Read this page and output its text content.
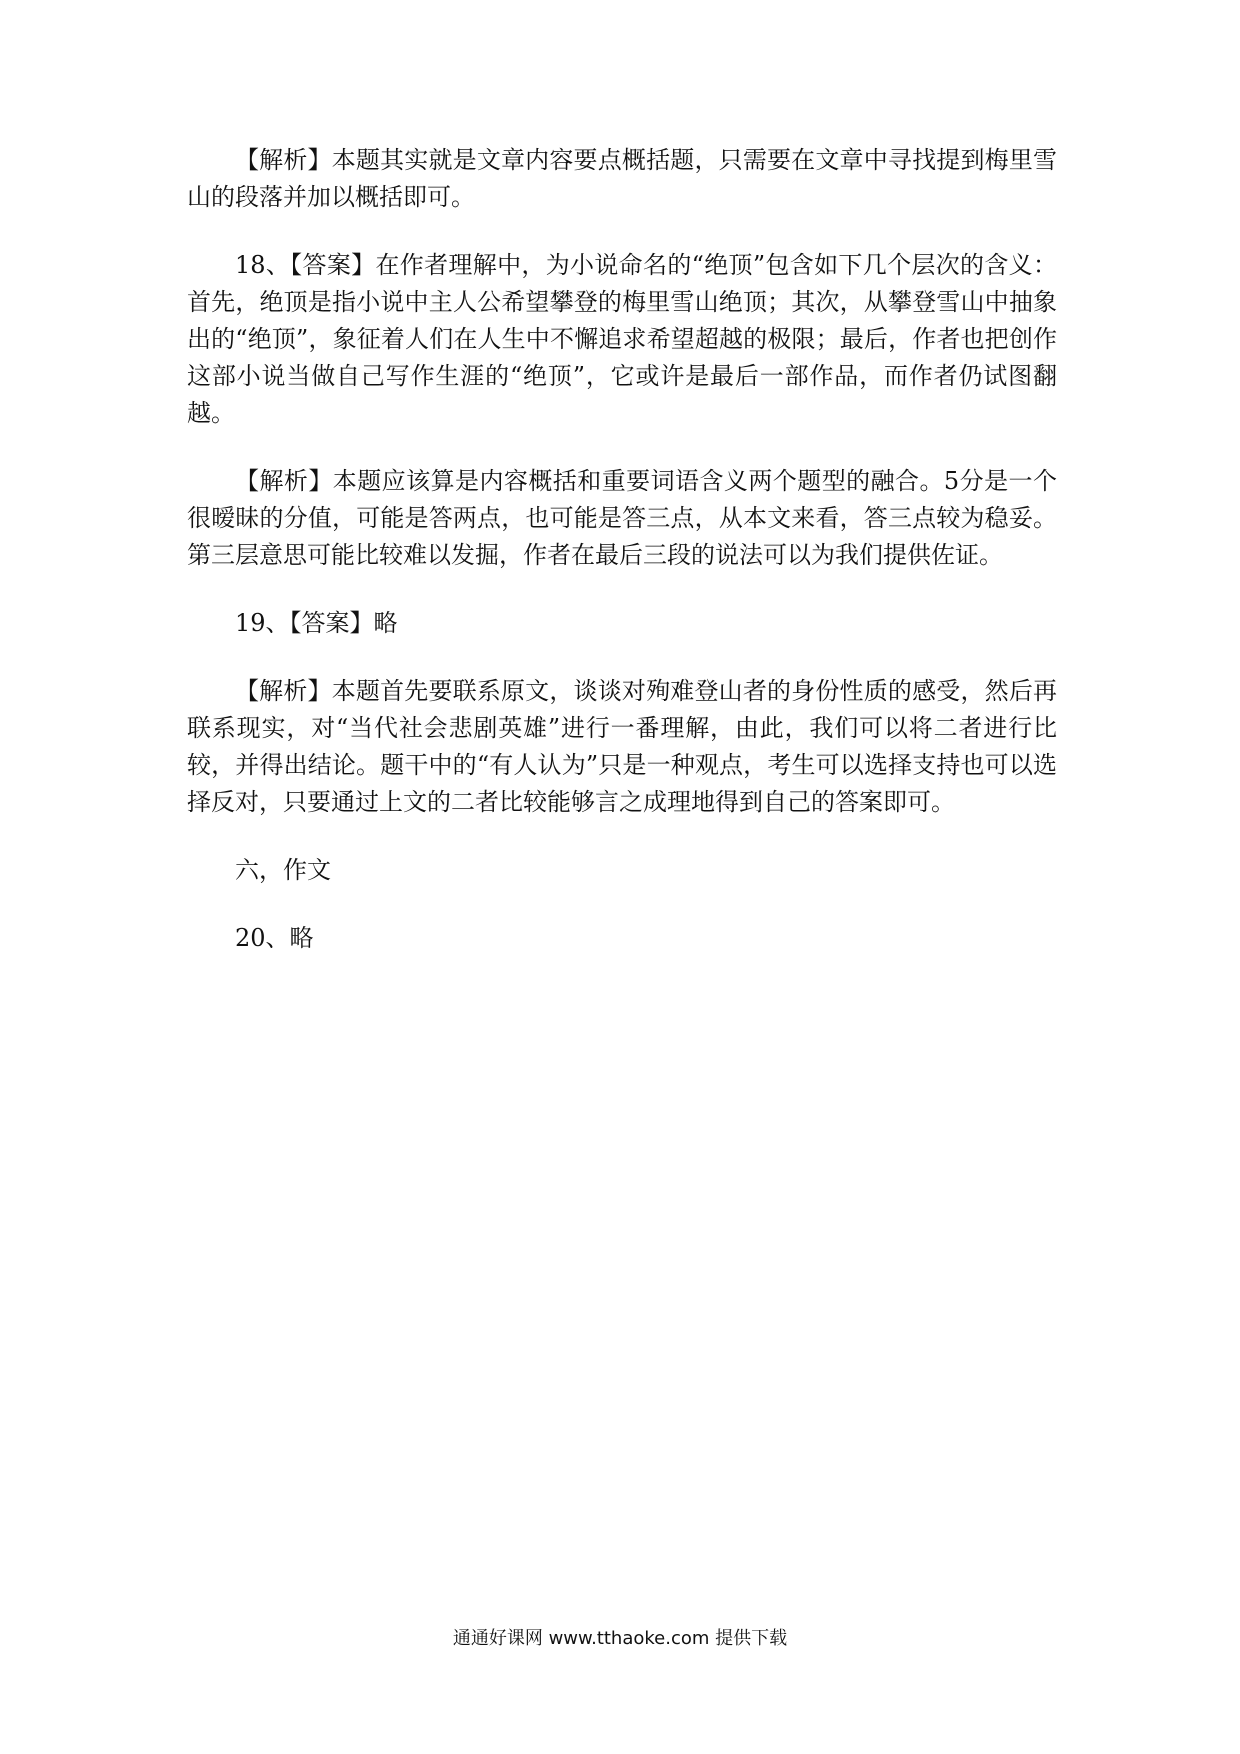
【解析】本题其实就是文章内容要点概括题，只需要在文章中寻找提到梅里雪山的段落并加以概括即可。

18、【答案】在作者理解中，为小说命名的“绝顶”包含如下几个层次的含义：首先，绝顶是指小说中主人公希望攀登的梅里雪山绝顶；其次，从攀登雪山中抽象出的“绝顶”，象征着人们在人生中不懈追求希望超越的极限；最后，作者也把创作这部小说当做自己写作生涯的“绝顶”，它或许是最后一部作品，而作者仍试图翻越。

【解析】本题应该算是内容概括和重要词语含义两个题型的融合。5分是一个很暧昧的分值，可能是答两点，也可能是答三点，从本文来看，答三点较为稳妥。第三层意思可能比较难以发掘，作者在最后三段的说法可以为我们提供佐证。

19、【答案】略

【解析】本题首先要联系原文，谈谈对殉难登山者的身份性质的感受，然后再联系现实，对“当代社会悲剧英雄”进行一番理解，由此，我们可以将二者进行比较，并得出结论。题干中的“有人认为”只是一种观点，考生可以选择支持也可以选择反对，只要通过上文的二者比较能够言之成理地得到自己的答案即可。

六，作文

20、略

通通好课网 www.tthaoke.com 提供下载
